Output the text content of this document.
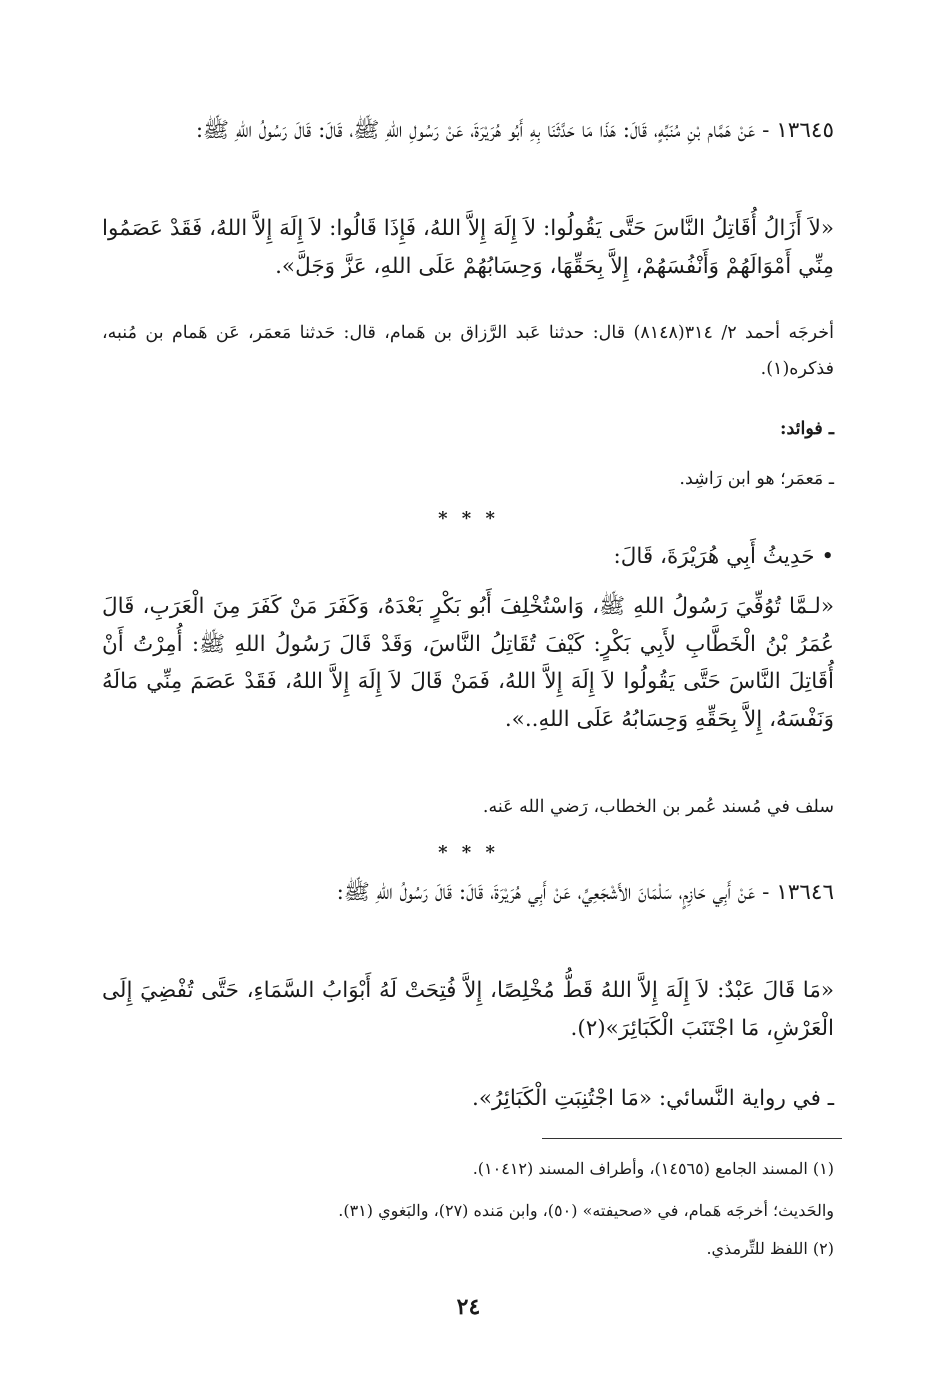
١٣٦٤٥ - عَنْ هَمَّام بْنِ مُنَبِّهٍ، قَالَ: هَذَا مَا حَدَّثَنَا بِهِ أَبُو هُرَيْرَةَ، عَنْ رَسُولِ اللهِ ﷺ، قَالَ: قَالَ رَسُولُ اللهِ ﷺ:
«لاَ أَزَالُ أُقَاتِلُ النَّاسَ حَتَّى يَقُولُوا: لاَ إِلَهَ إِلاَّ اللهُ، فَإِذَا قَالُوا: لاَ إِلَهَ إِلاَّ اللهُ، فَقَدْ عَصَمُوا مِنِّي أَمْوَالَهُمْ وَأَنْفُسَهُمْ، إِلاَّ بِحَقِّهَا، وَحِسَابُهُمْ عَلَى اللهِ، عَزَّ وَجَلَّ».
أخرجَه أحمد ٢/ ٣١٤(٨١٤٨) قال: حدثنا عَبد الرَّزاق بن هَمام، قال: حَدثنا مَعمَر، عَن هَمام بن مُنبه، فذكره(١).
ـ فوائد:
ـ مَعمَر؛ هو ابن رَاشِد.
* * *
• حَدِيثُ أَبِي هُرَيْرَةَ، قَالَ:
«لـمَّا تُوُفِّيَ رَسُولُ اللهِ ﷺ، وَاسْتُخْلِفَ أَبُو بَكْرٍ بَعْدَهُ، وَكَفَرَ مَنْ كَفَرَ مِنَ الْعَرَبِ، قَالَ عُمَرُ بْنُ الْخَطَّابِ لأَبِي بَكْرٍ: كَيْفَ تُقَاتِلُ النَّاسَ، وَقَدْ قَالَ رَسُولُ اللهِ ﷺ: أُمِرْتُ أَنْ أُقَاتِلَ النَّاسَ حَتَّى يَقُولُوا لاَ إِلَهَ إِلاَّ اللهُ، فَمَنْ قَالَ لاَ إِلَهَ إِلاَّ اللهُ، فَقَدْ عَصَمَ مِنِّي مَالَهُ وَنَفْسَهُ، إِلاَّ بِحَقِّهِ وَحِسَابُهُ عَلَى اللهِ..».
سلف في مُسند عُمر بن الخطاب، رَضي الله عَنه.
* * *
١٣٦٤٦ - عَنْ أَبِي حَازِمٍ، سَلْمَانَ الأَشْجَعِيِّ، عَنْ أَبِي هُرَيْرَةَ، قَالَ: قَالَ رَسُولُ اللهِ ﷺ:
«مَا قَالَ عَبْدٌ: لاَ إِلَهَ إِلاَّ اللهُ قَطُّ مُخْلِصًا، إِلاَّ فُتِحَتْ لَهُ أَبْوَابُ السَّمَاءِ، حَتَّى تُفْضِيَ إِلَى الْعَرْشِ، مَا اجْتَنَبَ الْكَبَائِرَ»(٢).
ـ في رواية النَّسائي: «مَا اجْتُنِبَتِ الْكَبَائِرُ».
(١) المسند الجامع (١٤٥٦٥)، وأطراف المسند (١٠٤١٢).
والحَديث؛ أخرجَه هَمام، في «صحيفته» (٥٠)، وابن مَنده (٢٧)، والبَغوي (٣١).
(٢) اللفظ للتِّرمذي.
٢٤
